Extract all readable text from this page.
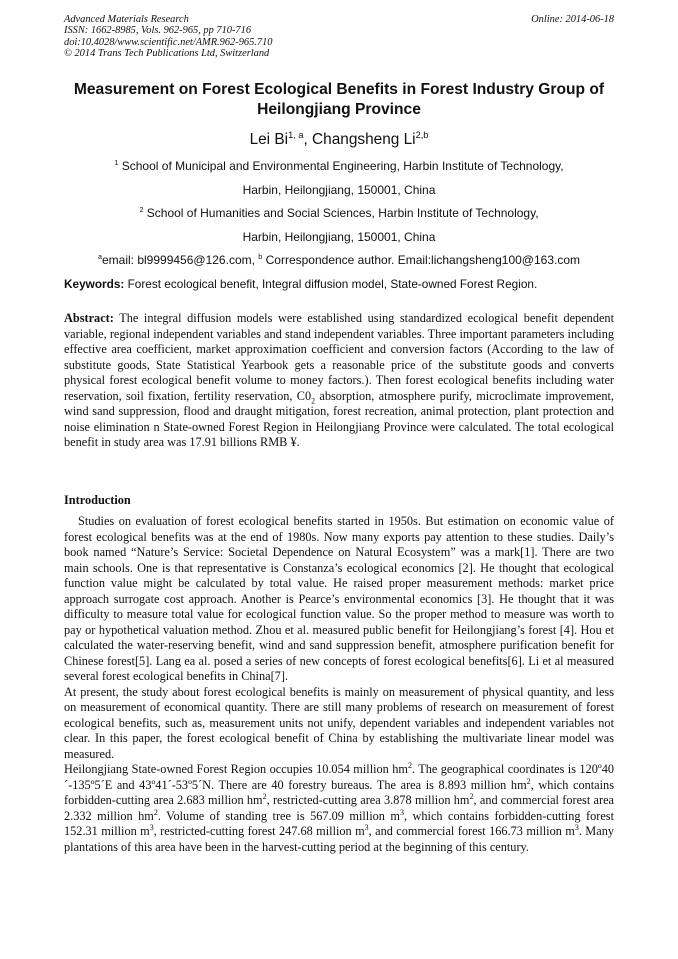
Advanced Materials Research
ISSN: 1662-8985, Vols. 962-965, pp 710-716
doi:10.4028/www.scientific.net/AMR.962-965.710
© 2014 Trans Tech Publications Ltd, Switzerland
Online: 2014-06-18
Measurement on Forest Ecological Benefits in Forest Industry Group of Heilongjiang Province
Lei Bi$^{1, a}$, Changsheng Li$^{2,b}$
$^1$ School of Municipal and Environmental Engineering, Harbin Institute of Technology,
Harbin, Heilongjiang, 150001, China
$^2$ School of Humanities and Social Sciences, Harbin Institute of Technology,
Harbin, Heilongjiang, 150001, China
$^a$email: bl9999456@126.com, $^b$ Correspondence author. Email:lichangsheng100@163.com
Keywords: Forest ecological benefit, Integral diffusion model, State-owned Forest Region.
Abstract: The integral diffusion models were established using standardized ecological benefit dependent variable, regional independent variables and stand independent variables. Three important parameters including effective area coefficient, market approximation coefficient and conversion factors (According to the law of substitute goods, State Statistical Yearbook gets a reasonable price of the substitute goods and converts physical forest ecological benefit volume to money factors.). Then forest ecological benefits including water reservation, soil fixation, fertility reservation, $C0_2$ absorption, atmosphere purify, microclimate improvement, wind sand suppression, flood and draught mitigation, forest recreation, animal protection, plant protection and noise elimination n State-owned Forest Region in Heilongjiang Province were calculated. The total ecological benefit in study area was 17.91 billions RMB ¥.
Introduction

Studies on evaluation of forest ecological benefits started in 1950s. But estimation on economic value of forest ecological benefits was at the end of 1980s. Now many exports pay attention to these studies. Daily’s book named “Nature’s Service: Societal Dependence on Natural Ecosystem” was a mark[1]. There are two main schools. One is that representative is Constanza’s ecological economics [2]. He thought that ecological function value might be calculated by total value. He raised proper measurement methods: market price approach surrogate cost approach. Another is Pearce’s environmental economics [3]. He thought that it was difficulty to measure total value for ecological function value. So the proper method to measure was worth to pay or hypothetical valuation method. Zhou et al. measured public benefit for Heilongjiang’s forest [4]. Hou et calculated the water-reserving benefit, wind and sand suppression benefit, atmosphere purification benefit for Chinese forest[5]. Lang ea al. posed a series of new concepts of forest ecological benefits[6]. Li et al measured several forest ecological benefits in China[7].

At present, the study about forest ecological benefits is mainly on measurement of physical quantity, and less on measurement of economical quantity. There are still many problems of research on measurement of forest ecological benefits, such as, measurement units not unify, dependent variables and independent variables not clear. In this paper, the forest ecological benefit of China by establishing the multivariate linear model was measured.

Heilongjiang State-owned Forest Region occupies 10.054 million $hm^2$. The geographical coordinates is 120º40´-135º5´E and 43º41´-53º5´N. There are 40 forestry bureaus. The area is 8.893 million $hm^2$, which contains forbidden-cutting area 2.683 million $hm^2$, restricted-cutting area 3.878 million $hm^2$, and commercial forest area 2.332 million $hm^2$. Volume of standing tree is 567.09 million $m^3$, which contains forbidden-cutting forest 152.31 million $m^3$, restricted-cutting forest 247.68 million $m^3$, and commercial forest 166.73 million $m^3$. Many plantations of this area have been in the harvest-cutting period at the beginning of this century.
